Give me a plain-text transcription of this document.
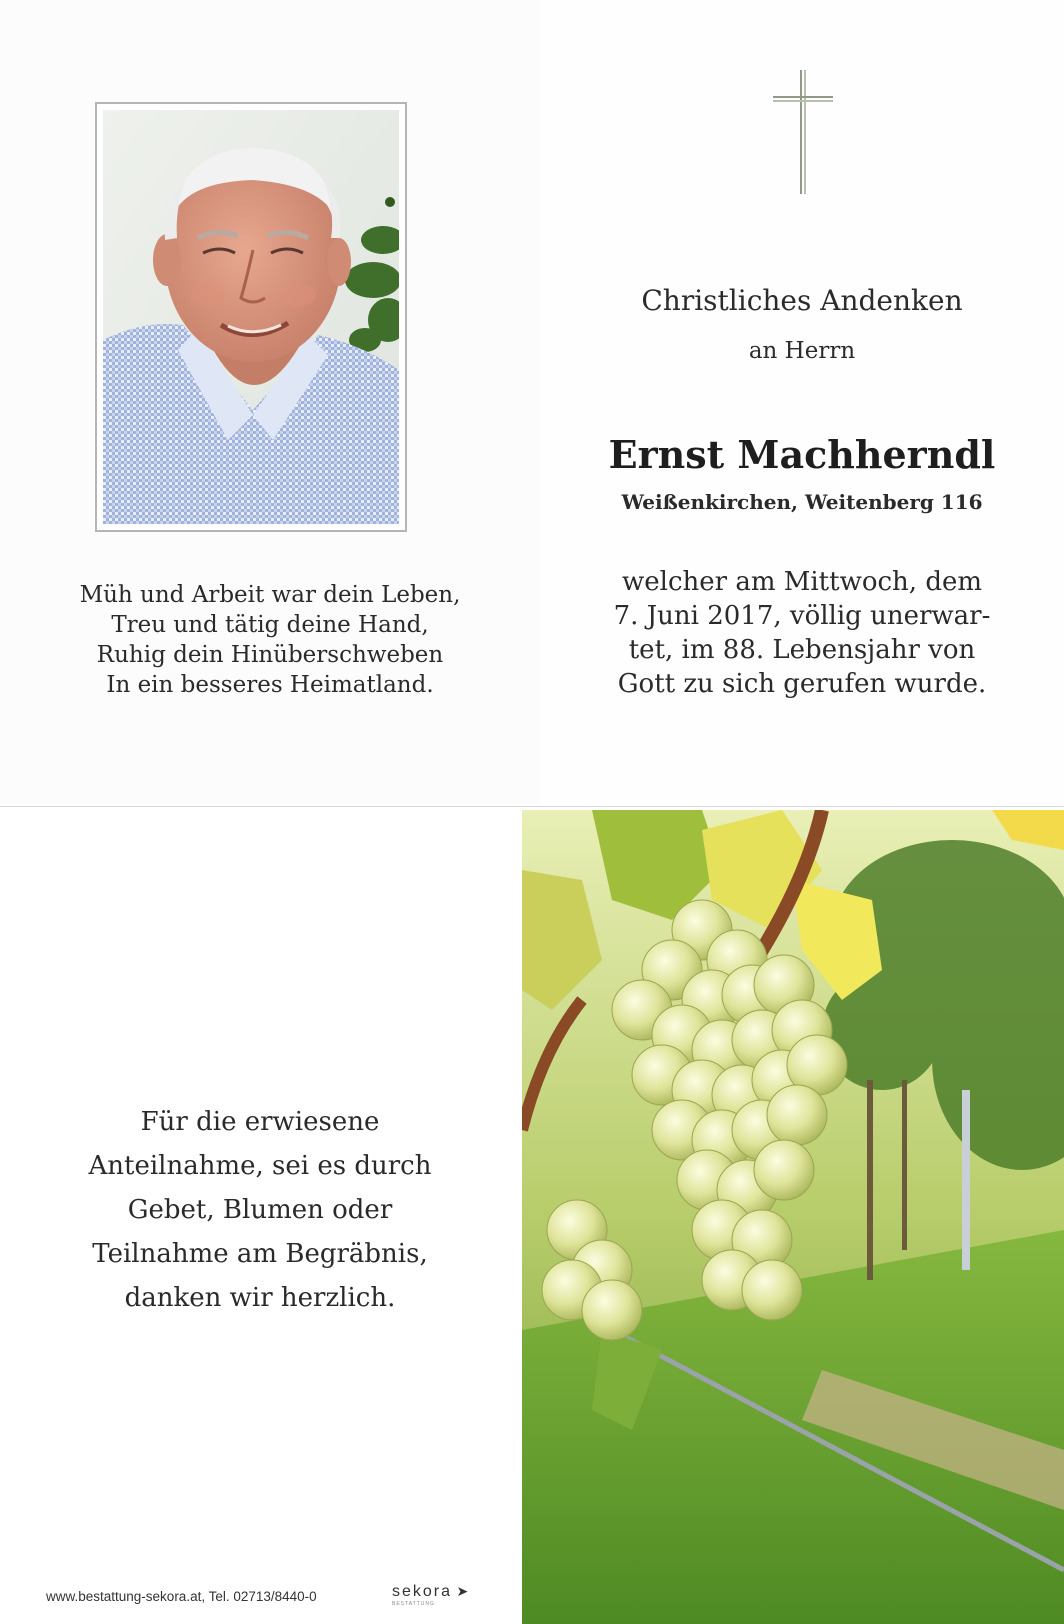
Müh und Arbeit war dein Leben,
Treu und tätig deine Hand,
Ruhig dein Hinüberschweben
In ein besseres Heimatland.
Christliches Andenken
an Herrn
Ernst Machherndl
Weißenkirchen, Weitenberg 116
welcher am Mittwoch, dem
7. Juni 2017, völlig unerwar-
tet, im 88. Lebensjahr von
Gott zu sich gerufen wurde.
Für die erwiesene
Anteilnahme, sei es durch
Gebet, Blumen oder
Teilnahme am Begräbnis,
danken wir herzlich.
www.bestattung-sekora.at, Tel. 02713/8440-0	sekora ➤
BESTATTUNG
